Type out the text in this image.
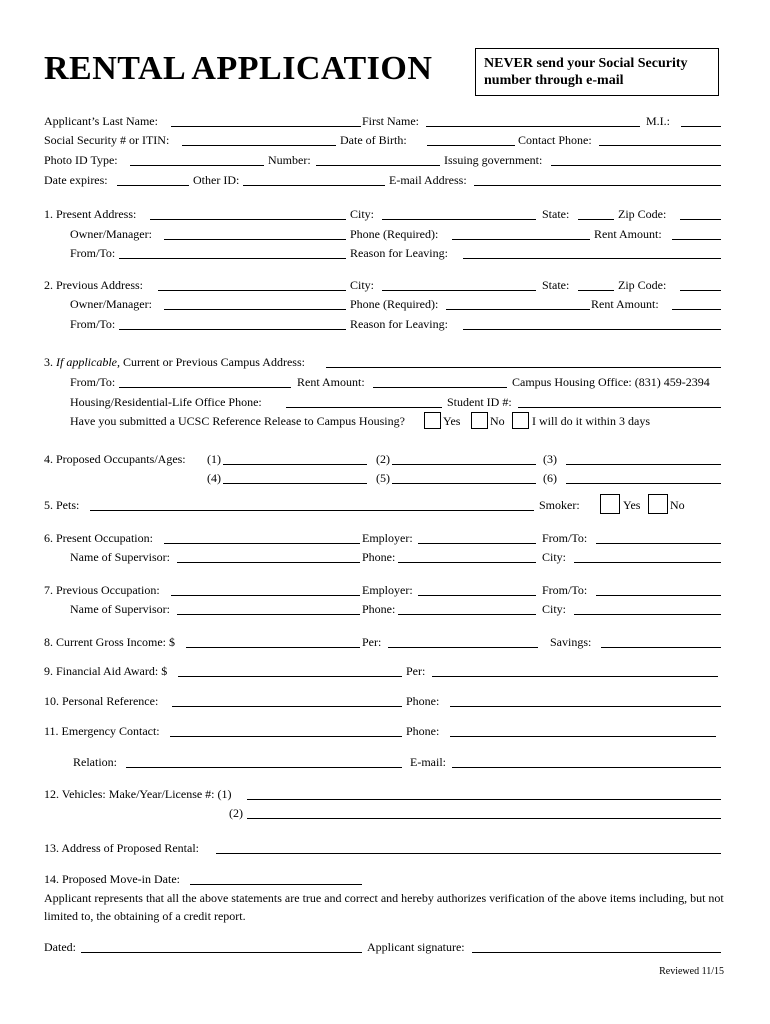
RENTAL APPLICATION	NEVER send your Social Security number through e-mail
Applicant’s Last Name:	First Name:	M.I.:
Social Security # or ITIN:	Date of Birth:	Contact Phone:
Photo ID Type:	Number:	Issuing government:
Date expires:	Other ID:	E-mail Address:
1. Present Address:	City:	State:	Zip Code:
Owner/Manager:	Phone (Required):	Rent Amount:
From/To:	Reason for Leaving:
2. Previous Address:	City:	State:	Zip Code:
Owner/Manager:	Phone (Required):	Rent Amount:
From/To:	Reason for Leaving:
3. If applicable, Current or Previous Campus Address:
From/To:	Rent Amount:	Campus Housing Office: (831) 459-2394
Housing/Residential-Life Office Phone:	Student ID #:
Have you submitted a UCSC Reference Release to Campus Housing?	Yes No I will do it within 3 days
4. Proposed Occupants/Ages: (1)	(2)	(3)
(4)	(5)	(6)
5. Pets:	Smoker:	Yes No
6. Present Occupation:	Employer:	From/To:
Name of Supervisor:	Phone:	City:
7. Previous Occupation:	Employer:	From/To:
Name of Supervisor:	Phone:	City:
8. Current Gross Income: $	Per:	Savings:
9. Financial Aid Award: $	Per:
10. Personal Reference:	Phone:
11. Emergency Contact:	Phone:
Relation:	E-mail:
12. Vehicles: Make/Year/License #: (1)
(2)
13. Address of Proposed Rental:
14. Proposed Move-in Date:
Applicant represents that all the above statements are true and correct and hereby authorizes verification of the above items including, but not limited to, the obtaining of a credit report.
Dated:	Applicant signature:
Reviewed 11/15
